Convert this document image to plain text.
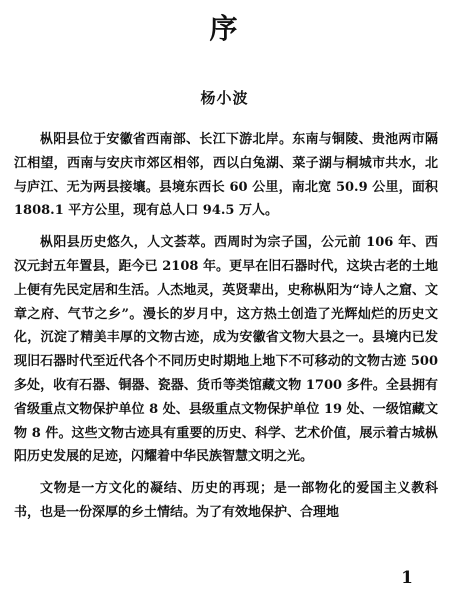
序
杨小波

枞阳县位于安徽省西南部、长江下游北岸。东南与铜陵、贵池两市隔江相望，西南与安庆市郊区相邻，西以白兔湖、菜子湖与桐城市共水，北与庐江、无为两县接壤。县境东西长 60 公里，南北宽 50.9 公里，面积 1808.1 平方公里，现有总人口 94.5 万人。

枞阳县历史悠久，人文荟萃。西周时为宗子国，公元前 106 年、西汉元封五年置县，距今已 2108 年。更早在旧石器时代，这块古老的土地上便有先民定居和生活。人杰地灵，英贤辈出，史称枞阳为“诗人之窟、文章之府、气节之乡”。漫长的岁月中，这方热土创造了光辉灿烂的历史文化，沉淀了精美丰厚的文物古迹，成为安徽省文物大县之一。县境内已发现旧石器时代至近代各个不同历史时期地上地下不可移动的文物古迹 500 多处，收有石器、铜器、瓷器、货币等类馆藏文物 1700 多件。全县拥有省级重点文物保护单位 8 处、县级重点文物保护单位 19 处、一级馆藏文物 8 件。这些文物古迹具有重要的历史、科学、艺术价值，展示着古城枞阳历史发展的足迹，闪耀着中华民族智慧文明之光。

文物是一方文化的凝结、历史的再现；是一部物化的爱国主义教科书，也是一份深厚的乡土情结。为了有效地保护、合理地

1
